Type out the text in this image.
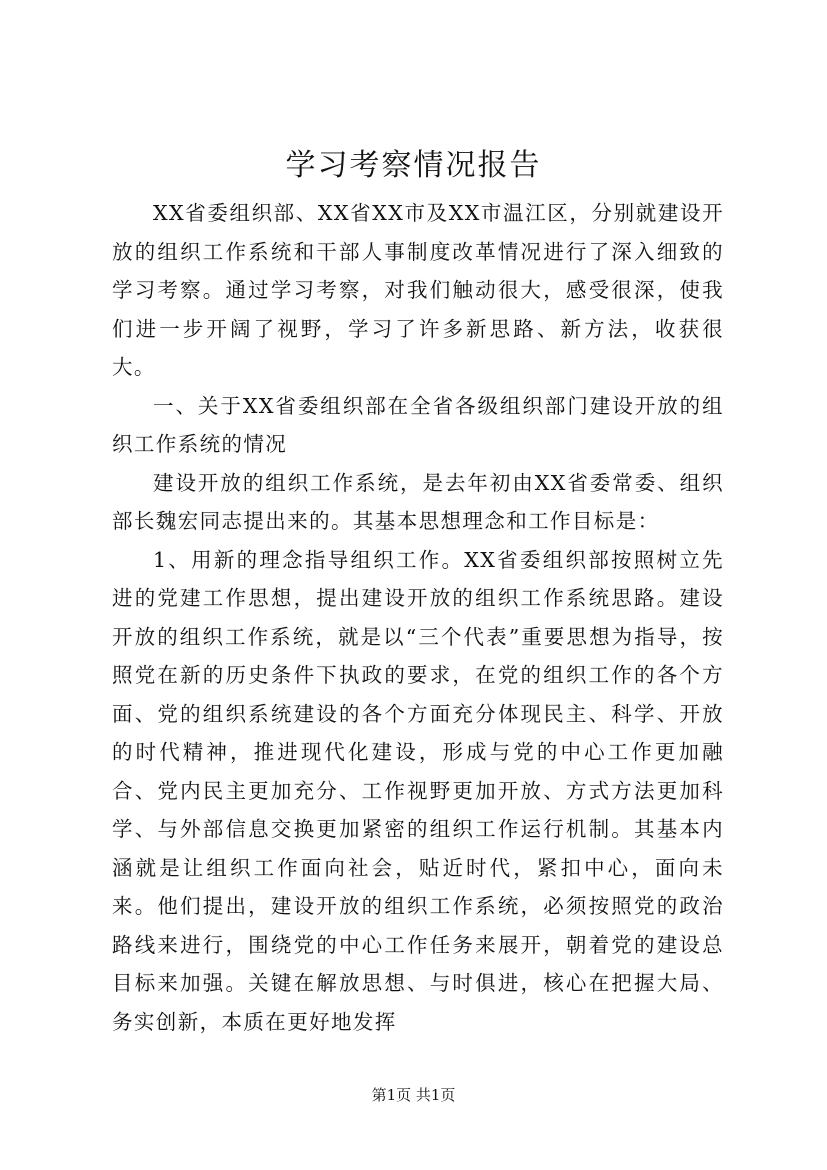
学习考察情况报告

XX省委组织部、XX省XX市及XX市温江区，分别就建设开放的组织工作系统和干部人事制度改革情况进行了深入细致的学习考察。通过学习考察，对我们触动很大，感受很深，使我们进一步开阔了视野，学习了许多新思路、新方法，收获很大。

一、关于XX省委组织部在全省各级组织部门建设开放的组织工作系统的情况

建设开放的组织工作系统，是去年初由XX省委常委、组织部长魏宏同志提出来的。其基本思想理念和工作目标是：

1、用新的理念指导组织工作。XX省委组织部按照树立先进的党建工作思想，提出建设开放的组织工作系统思路。建设开放的组织工作系统，就是以“三个代表”重要思想为指导，按照党在新的历史条件下执政的要求，在党的组织工作的各个方面、党的组织系统建设的各个方面充分体现民主、科学、开放的时代精神，推进现代化建设，形成与党的中心工作更加融合、党内民主更加充分、工作视野更加开放、方式方法更加科学、与外部信息交换更加紧密的组织工作运行机制。其基本内涵就是让组织工作面向社会，贴近时代，紧扣中心，面向未来。他们提出，建设开放的组织工作系统，必须按照党的政治路线来进行，围绕党的中心工作任务来展开，朝着党的建设总目标来加强。关键在解放思想、与时俱进，核心在把握大局、务实创新，本质在更好地发挥

第1页 共1页
